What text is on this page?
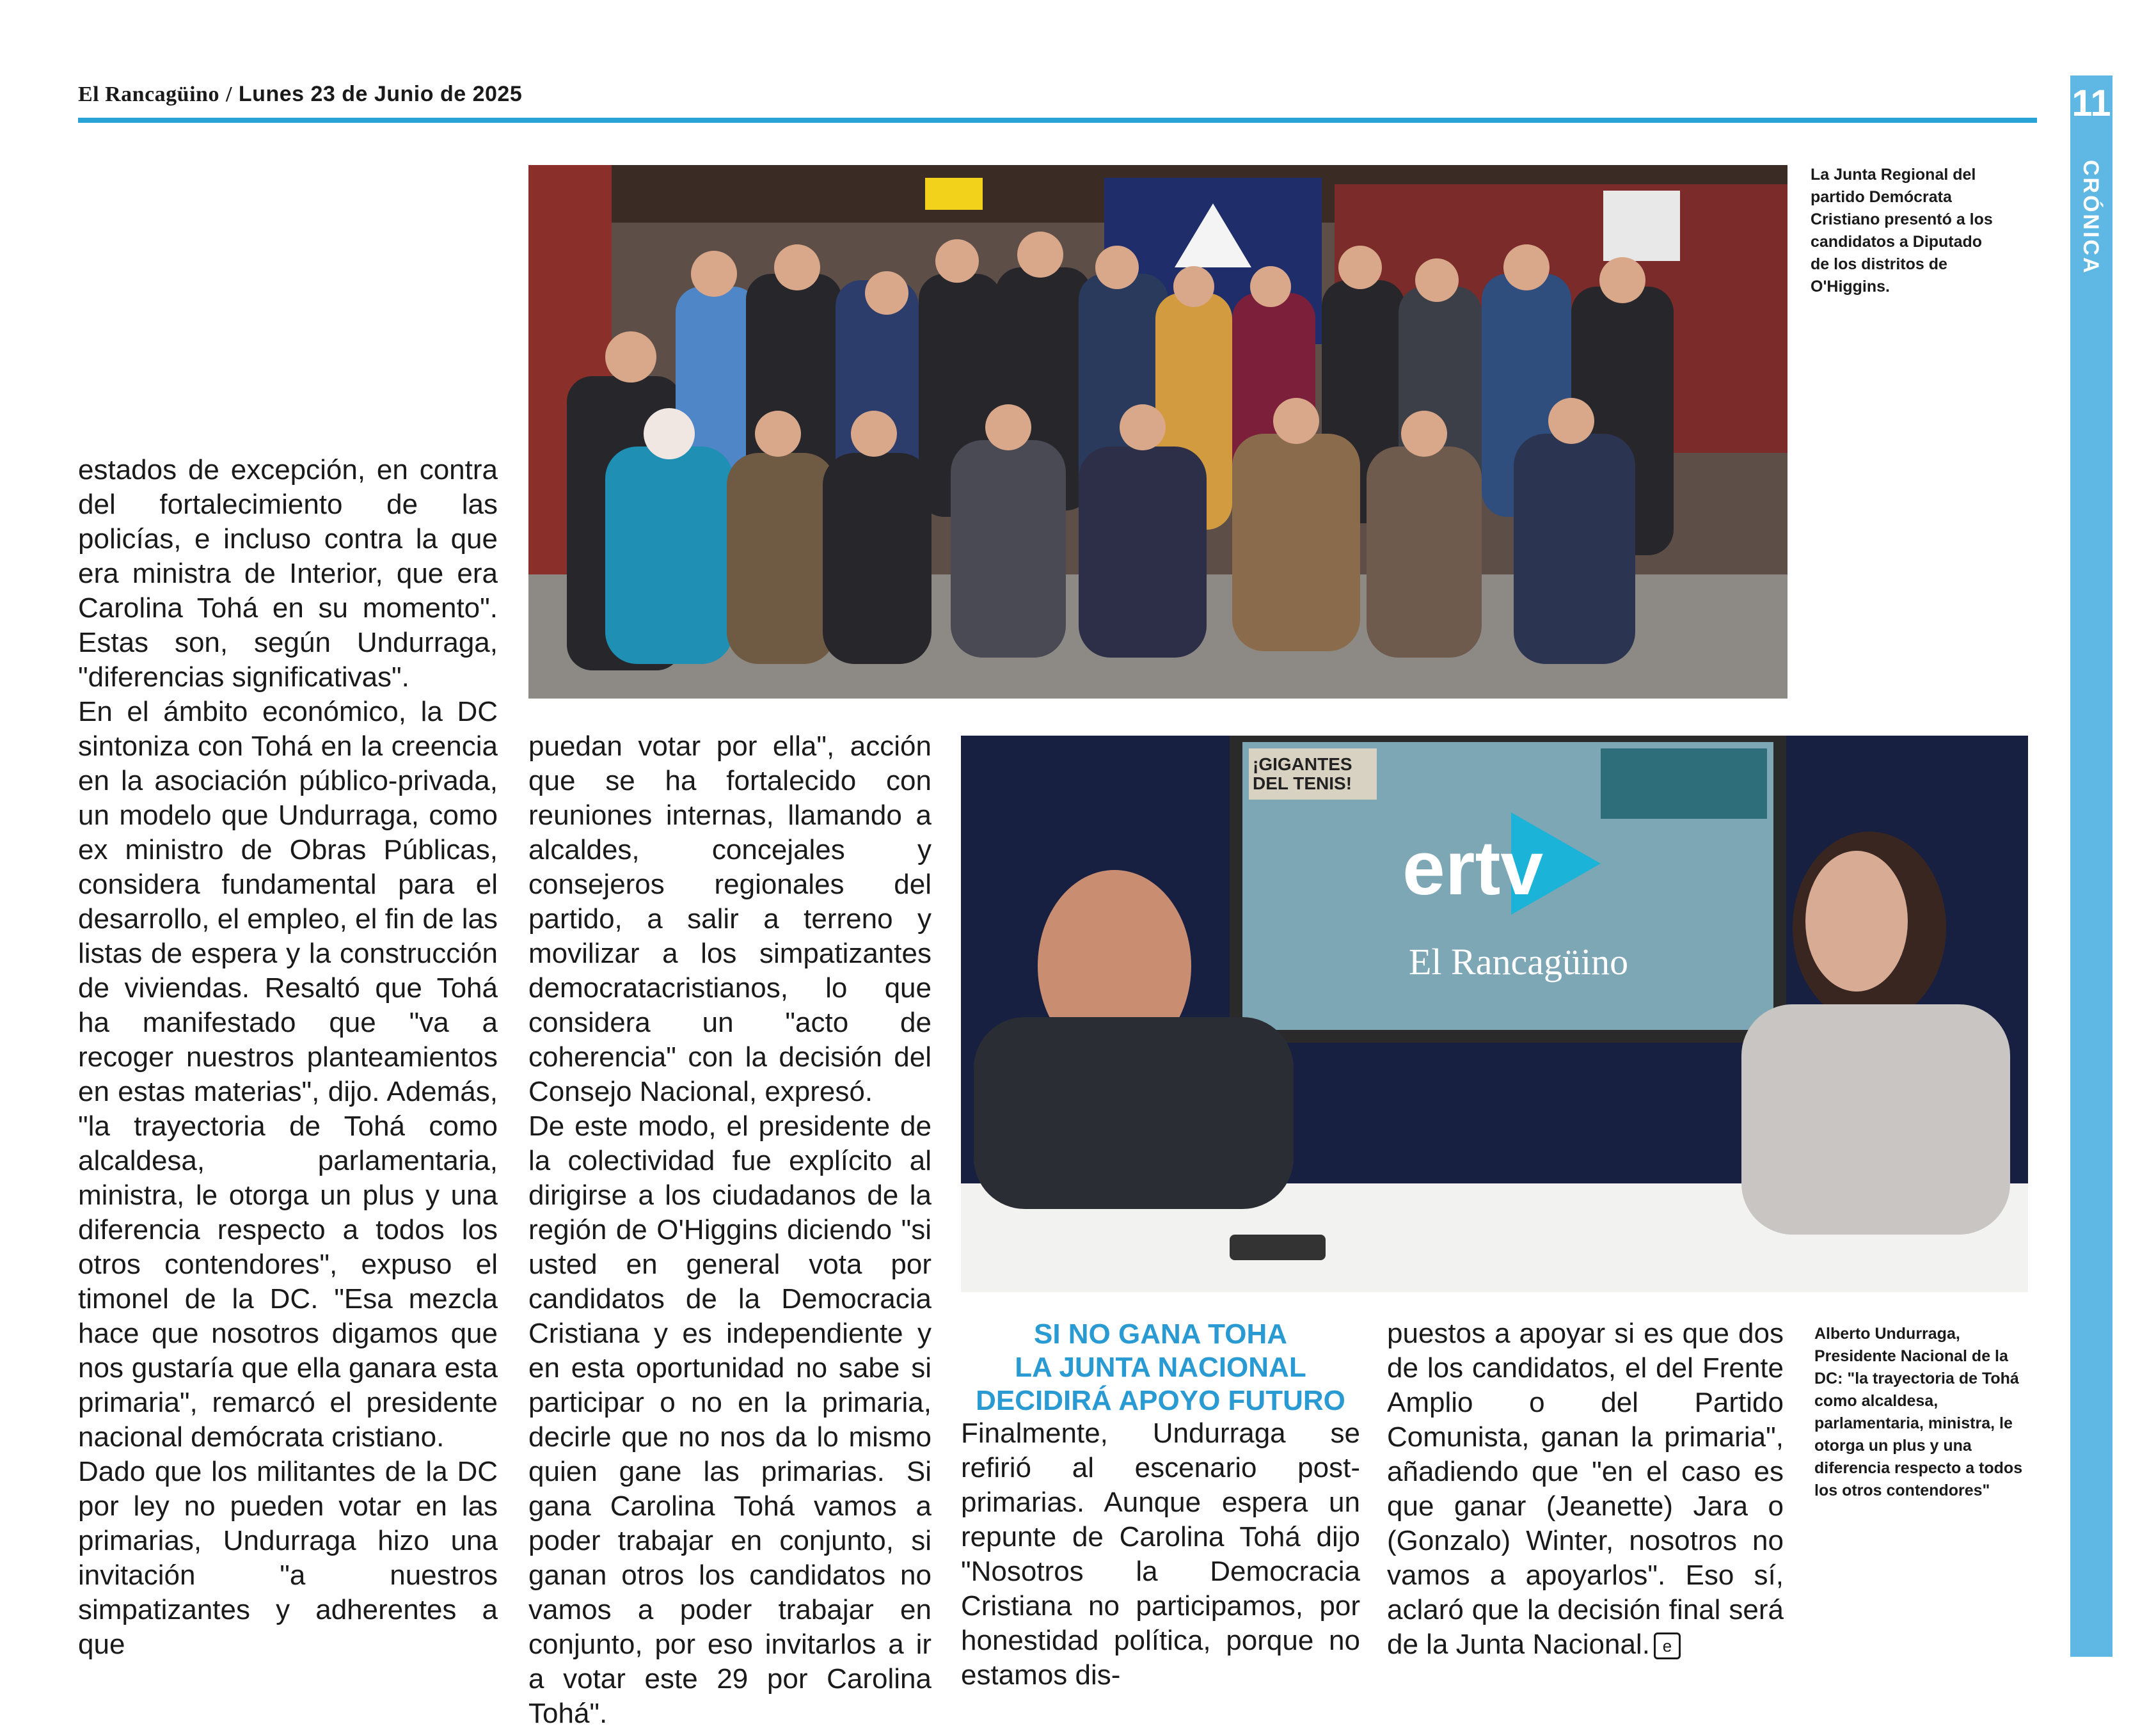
El Rancagüino / Lunes 23 de Junio de 2025	11
CRÓNICA
La Junta Regional del partido Demócrata Cristiano presentó a los candidatos a Diputado de los distritos de O'Higgins.
ertv
El Rancagüino
¡GIGANTES DEL TENIS!

estados de excepción, en contra del fortalecimiento de las policías, e incluso contra la que era ministra de Interior, que era Carolina Tohá en su momento". Estas son, según Undurraga, "diferencias significativas".

En el ámbito económico, la DC sintoniza con Tohá en la creencia en la asociación público-privada, un modelo que Undurraga, como ex ministro de Obras Públicas, considera fundamental para el desarrollo, el empleo, el fin de las listas de espera y la construcción de viviendas. Resaltó que Tohá ha manifestado que "va a recoger nuestros planteamientos en estas materias", dijo. Además, "la trayectoria de Tohá como alcaldesa, parlamentaria, ministra, le otorga un plus y una diferencia respecto a todos los otros contendores", expuso el timonel de la DC. "Esa mezcla hace que nosotros digamos que nos gustaría que ella ganara esta primaria", remarcó el presidente nacional demócrata cristiano.

Dado que los militantes de la DC por ley no pueden votar en las primarias, Undurraga hizo una invitación "a nuestros simpatizantes y adherentes a que

puedan votar por ella", acción que se ha fortalecido con reuniones internas, llamando a alcaldes, concejales y consejeros regionales del partido, a salir a terreno y movilizar a los simpatizantes democratacristianos, lo que considera un "acto de coherencia" con la decisión del Consejo Nacional, expresó.

De este modo, el presidente de la colectividad fue explícito al dirigirse a los ciudadanos de la región de O'Higgins diciendo "si usted en general vota por candidatos de la Democracia Cristiana y es independiente y en esta oportunidad no sabe si participar o no en la primaria, decirle que no nos da lo mismo quien gane las primarias. Si gana Carolina Tohá vamos a poder trabajar en conjunto, si ganan otros los candidatos no vamos a poder trabajar en conjunto, por eso invitarlos a ir a votar este 29 por Carolina Tohá".

SI NO GANA TOHA
LA JUNTA NACIONAL
DECIDIRÁ APOYO FUTURO

Finalmente, Undurraga se refirió al escenario post-primarias. Aunque espera un repunte de Carolina Tohá dijo "Nosotros la Democracia Cristiana no participamos, por honestidad política, porque no estamos dis-

puestos a apoyar si es que dos de los candidatos, el del Frente Amplio o del Partido Comunista, ganan la primaria", añadiendo que "en el caso es que ganar (Jeanette) Jara o (Gonzalo) Winter, nosotros no vamos a apoyarlos". Eso sí, aclaró que la decisión final será de la Junta Nacional. e

Alberto Undurraga, Presidente Nacional de la DC: "la trayectoria de Tohá como alcaldesa, parlamentaria, ministra, le otorga un plus y una diferencia respecto a todos los otros contendores"
